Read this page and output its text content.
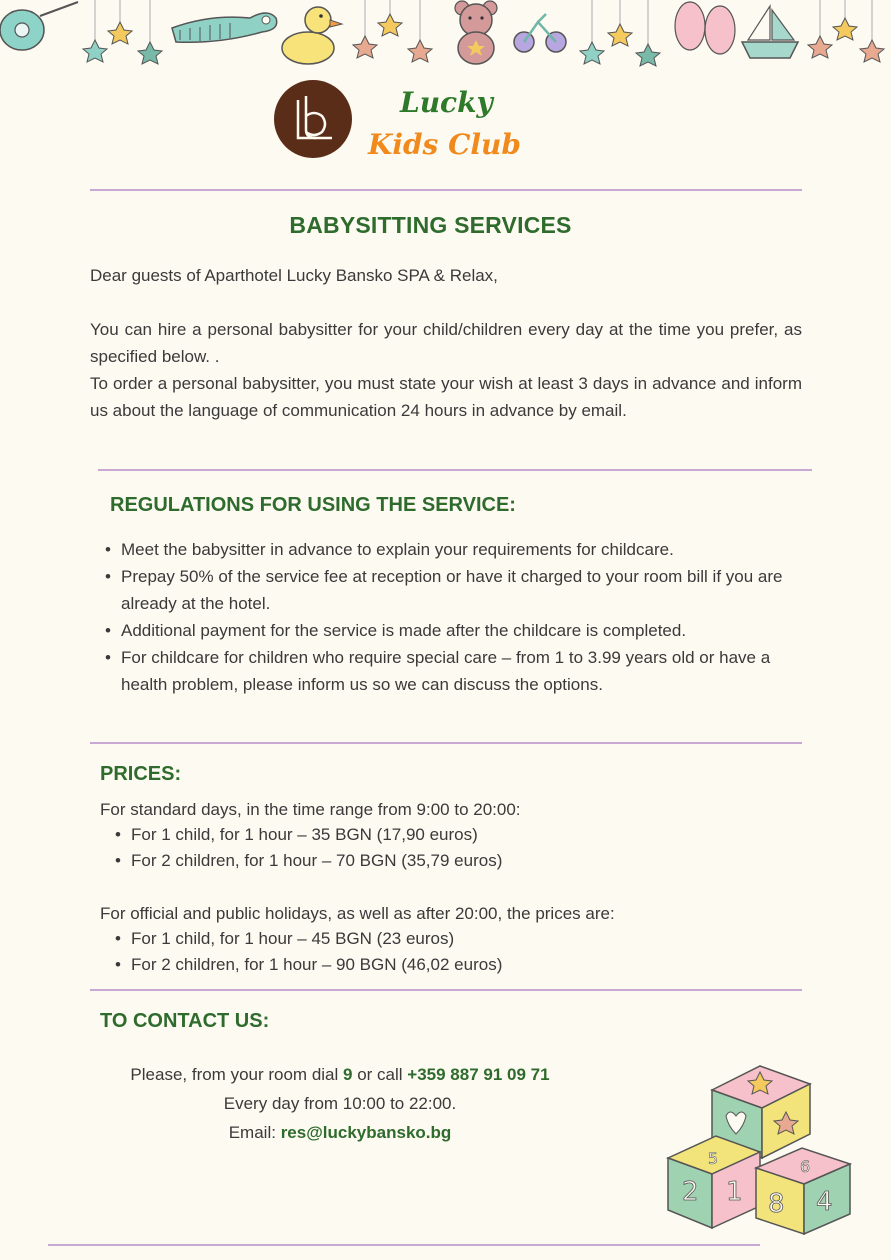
Lucky
Kids Club
BABYSITTING SERVICES
Dear guests of Aparthotel Lucky Bansko SPA & Relax,
You can hire a personal babysitter for your child/children every day at the time you prefer, as specified below. .
To order a personal babysitter, you must state your wish at least 3 days in advance and inform us about the language of communication 24 hours in advance by email.
REGULATIONS FOR USING THE SERVICE:
• Meet the babysitter in advance to explain your requirements for childcare.
• Prepay 50% of the service fee at reception or have it charged to your room bill if you are already at the hotel.
• Additional payment for the service is made after the childcare is completed.
• For childcare for children who require special care – from 1 to 3.99 years old or have a health problem, please inform us so we can discuss the options.
PRICES:
For standard days, in the time range from 9:00 to 20:00:
• For 1 child, for 1 hour – 35 BGN (17,90 euros)
• For 2 children, for 1 hour – 70 BGN (35,79 euros)
For official and public holidays, as well as after 20:00, the prices are:
• For 1 child, for 1 hour – 45 BGN (23 euros)
• For 2 children, for 1 hour – 90 BGN (46,02 euros)
TO CONTACT US:
Please, from your room dial 9 or call +359 887 91 09 71
Every day from 10:00 to 22:00.
Email: res@luckybansko.bg
2 1
5
8 4
6
